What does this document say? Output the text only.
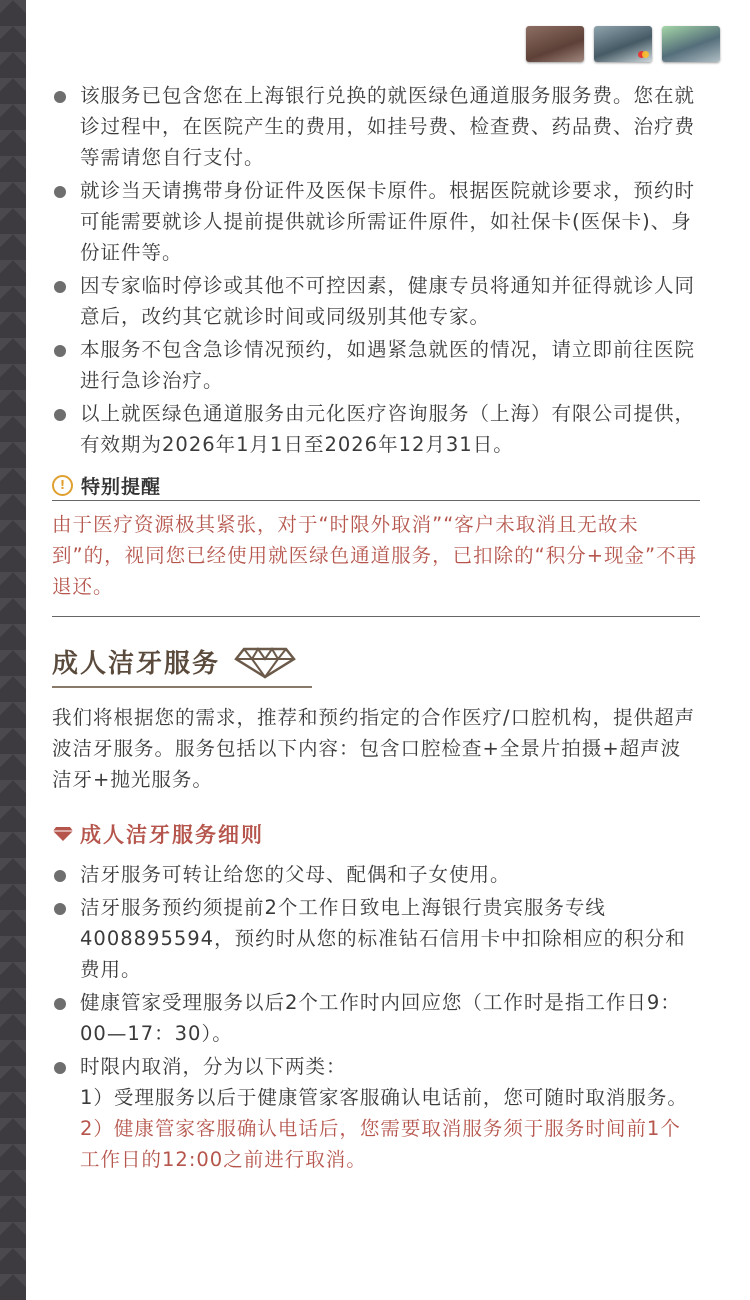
该服务已包含您在上海银行兑换的就医绿色通道服务服务费。您在就诊过程中，在医院产生的费用，如挂号费、检查费、药品费、治疗费等需请您自行支付。
就诊当天请携带身份证件及医保卡原件。根据医院就诊要求，预约时可能需要就诊人提前提供就诊所需证件原件，如社保卡(医保卡)、身份证件等。
因专家临时停诊或其他不可控因素，健康专员将通知并征得就诊人同意后，改约其它就诊时间或同级别其他专家。
本服务不包含急诊情况预约，如遇紧急就医的情况，请立即前往医院进行急诊治疗。
以上就医绿色通道服务由元化医疗咨询服务（上海）有限公司提供，有效期为2026年1月1日至2026年12月31日。
! 特别提醒
由于医疗资源极其紧张，对于“时限外取消”“客户未取消且无故未到”的，视同您已经使用就医绿色通道服务，已扣除的“积分+现金”不再退还。
成人洁牙服务
我们将根据您的需求，推荐和预约指定的合作医疗/口腔机构，提供超声波洁牙服务。服务包括以下内容：包含口腔检查+全景片拍摄+超声波洁牙+抛光服务。
成人洁牙服务细则
洁牙服务可转让给您的父母、配偶和子女使用。
洁牙服务预约须提前2个工作日致电上海银行贵宾服务专线4008895594，预约时从您的标准钻石信用卡中扣除相应的积分和费用。
健康管家受理服务以后2个工作时内回应您（工作时是指工作日9：00—17：30）。
时限内取消，分为以下两类：
1）受理服务以后于健康管家客服确认电话前，您可随时取消服务。
2）健康管家客服确认电话后，您需要取消服务须于服务时间前1个工作日的12:00之前进行取消。
